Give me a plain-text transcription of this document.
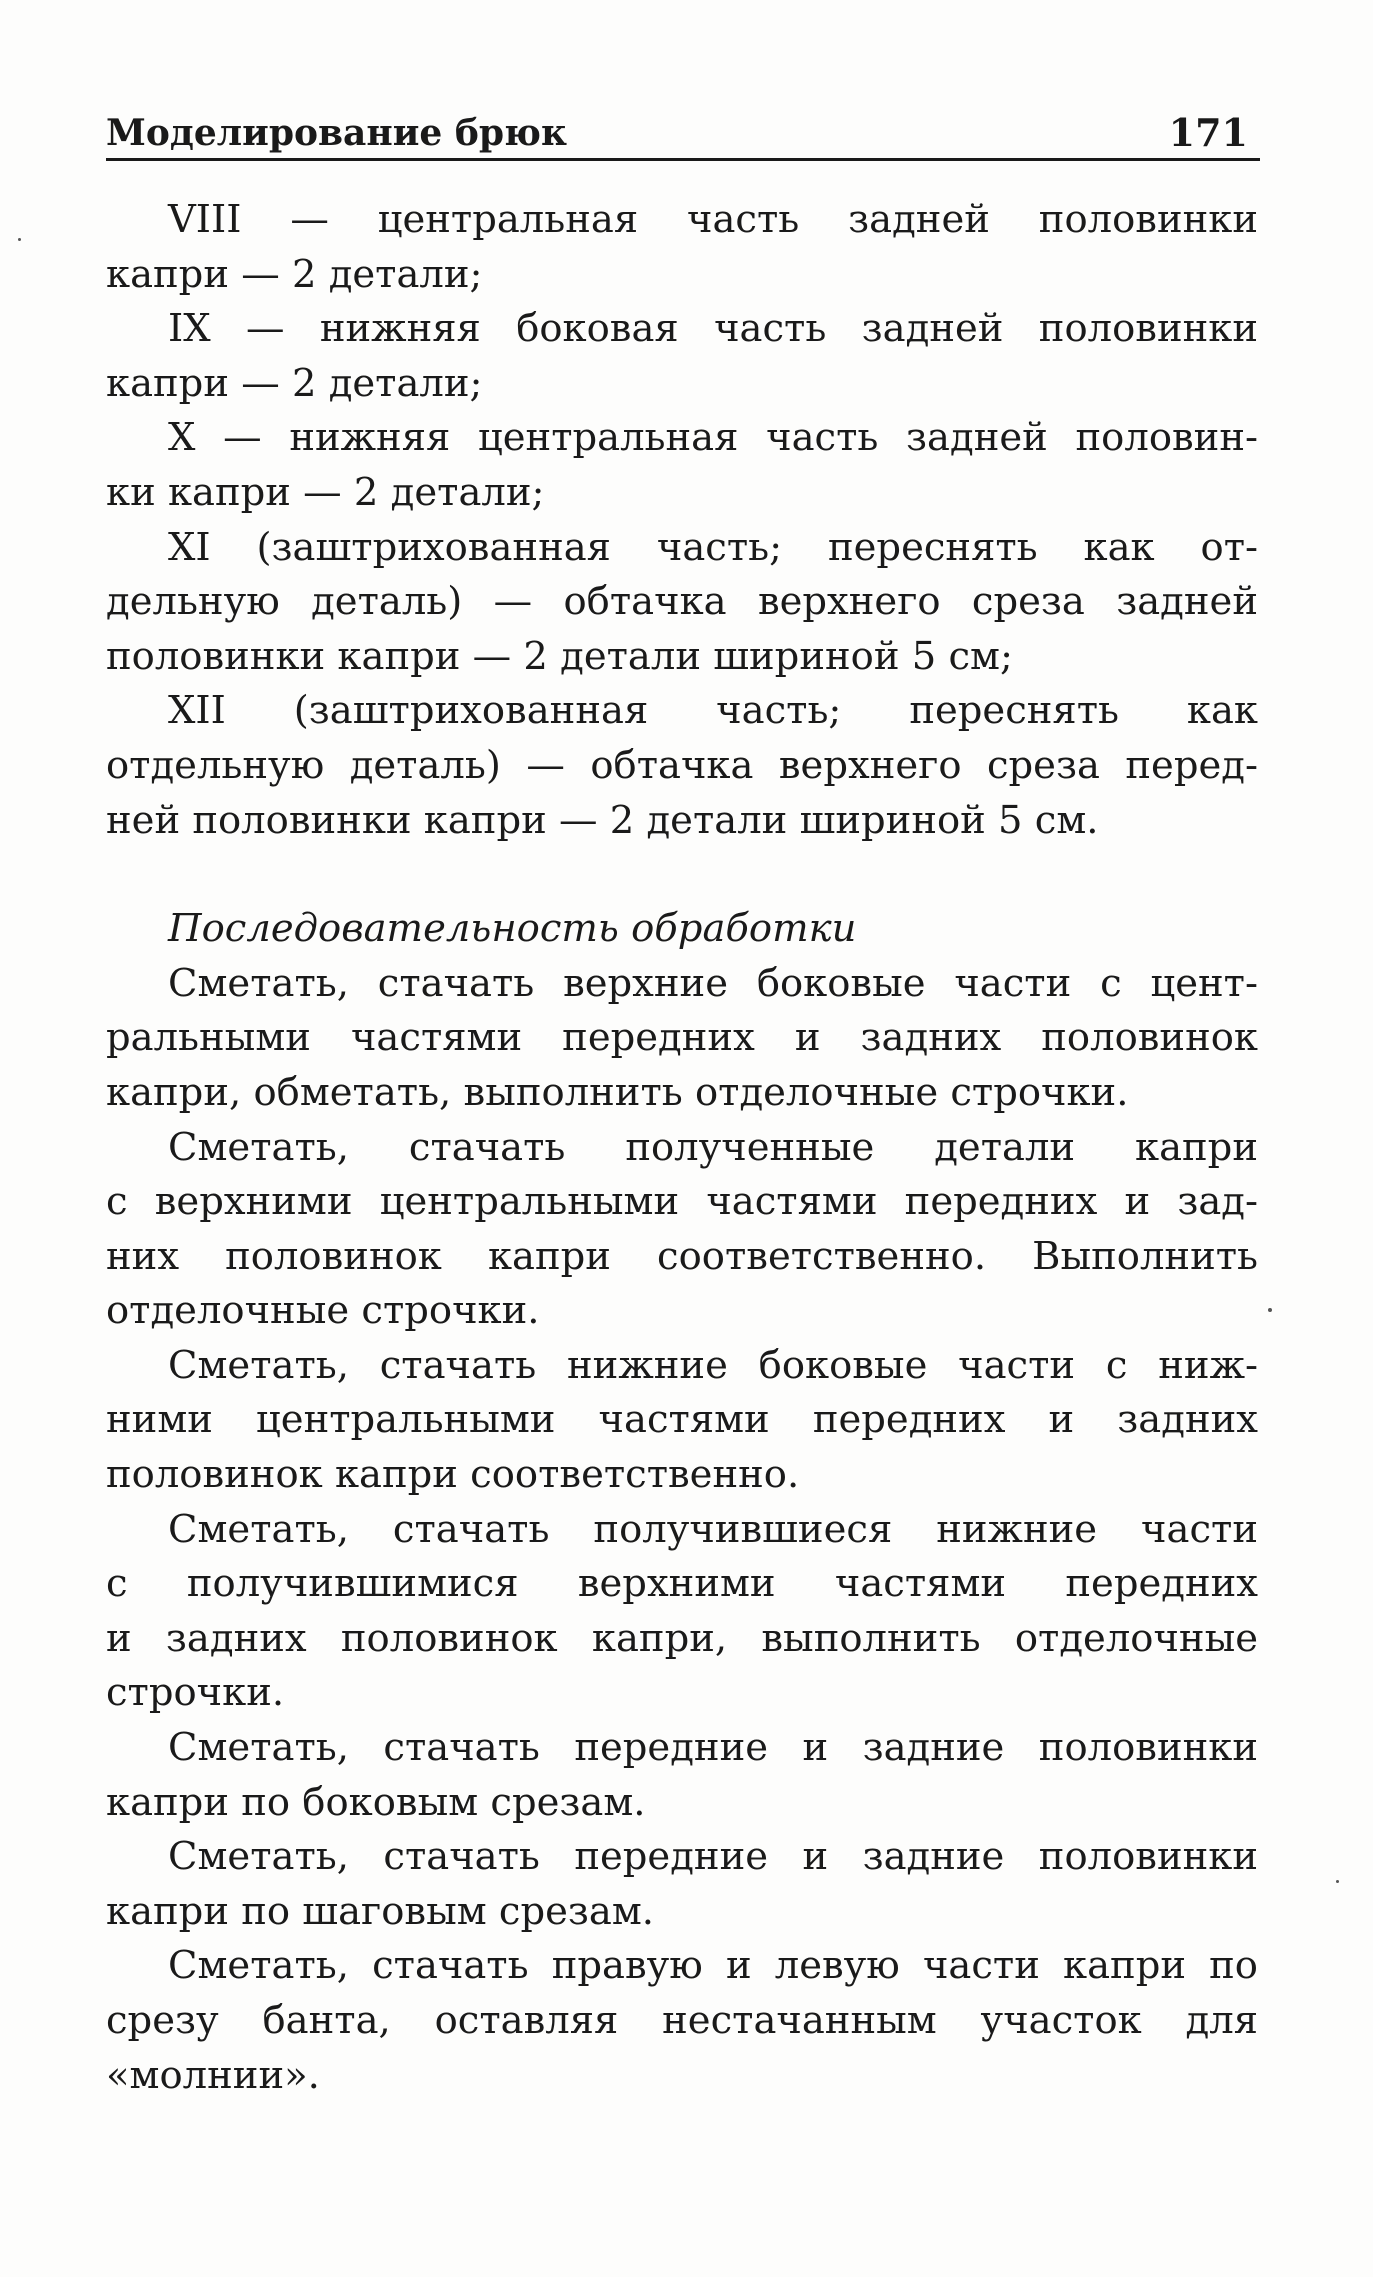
Моделирование брюк	171
VIII — центральная часть задней половинки
капри — 2 детали;
IX — нижняя боковая часть задней половинки
капри — 2 детали;
X — нижняя центральная часть задней половин-
ки капри — 2 детали;
XI (заштрихованная часть; переснять как от-
дельную деталь) — обтачка верхнего среза задней
половинки капри — 2 детали шириной 5 см;
XII (заштрихованная часть; переснять как
отдельную деталь) — обтачка верхнего среза перед-
ней половинки капри — 2 детали шириной 5 см.
Последовательность обработки
Сметать, стачать верхние боковые части с цент-
ральными частями передних и задних половинок
капри, обметать, выполнить отделочные строчки.
Сметать, стачать полученные детали капри
с верхними центральными частями передних и зад-
них половинок капри соответственно. Выполнить
отделочные строчки.
Сметать, стачать нижние боковые части с ниж-
ними центральными частями передних и задних
половинок капри соответственно.
Сметать, стачать получившиеся нижние части
с получившимися верхними частями передних
и задних половинок капри, выполнить отделочные
строчки.
Сметать, стачать передние и задние половинки
капри по боковым срезам.
Сметать, стачать передние и задние половинки
капри по шаговым срезам.
Сметать, стачать правую и левую части капри по
срезу банта, оставляя нестачанным участок для
«молнии».
